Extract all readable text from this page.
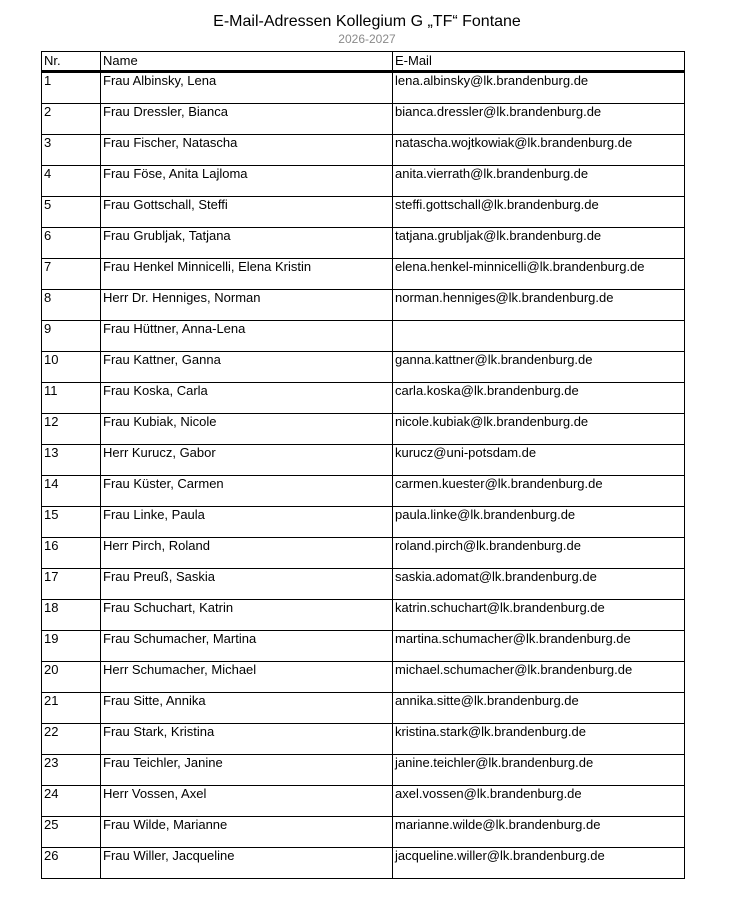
E-Mail-Adressen Kollegium G „TF“ Fontane
2026-2027
Nr.	Name	E-Mail
1	Frau Albinsky, Lena	lena.albinsky@lk.brandenburg.de
2	Frau Dressler, Bianca	bianca.dressler@lk.brandenburg.de
3	Frau Fischer, Natascha	natascha.wojtkowiak@lk.brandenburg.de
4	Frau Föse, Anita Lajloma	anita.vierrath@lk.brandenburg.de
5	Frau Gottschall, Steffi	steffi.gottschall@lk.brandenburg.de
6	Frau Grubljak, Tatjana	tatjana.grubljak@lk.brandenburg.de
7	Frau Henkel Minnicelli, Elena Kristin	elena.henkel-minnicelli@lk.brandenburg.de
8	Herr Dr. Henniges, Norman	norman.henniges@lk.brandenburg.de
9	Frau Hüttner, Anna-Lena	
10	Frau Kattner, Ganna	ganna.kattner@lk.brandenburg.de
11	Frau Koska, Carla	carla.koska@lk.brandenburg.de
12	Frau Kubiak, Nicole	nicole.kubiak@lk.brandenburg.de
13	Herr Kurucz, Gabor	kurucz@uni-potsdam.de
14	Frau Küster, Carmen	carmen.kuester@lk.brandenburg.de
15	Frau Linke, Paula	paula.linke@lk.brandenburg.de
16	Herr Pirch, Roland	roland.pirch@lk.brandenburg.de
17	Frau Preuß, Saskia	saskia.adomat@lk.brandenburg.de
18	Frau Schuchart, Katrin	katrin.schuchart@lk.brandenburg.de
19	Frau Schumacher, Martina	martina.schumacher@lk.brandenburg.de
20	Herr Schumacher, Michael	michael.schumacher@lk.brandenburg.de
21	Frau Sitte, Annika	annika.sitte@lk.brandenburg.de
22	Frau Stark, Kristina	kristina.stark@lk.brandenburg.de
23	Frau Teichler, Janine	janine.teichler@lk.brandenburg.de
24	Herr Vossen, Axel	axel.vossen@lk.brandenburg.de
25	Frau Wilde, Marianne	marianne.wilde@lk.brandenburg.de
26	Frau Willer, Jacqueline	jacqueline.willer@lk.brandenburg.de
